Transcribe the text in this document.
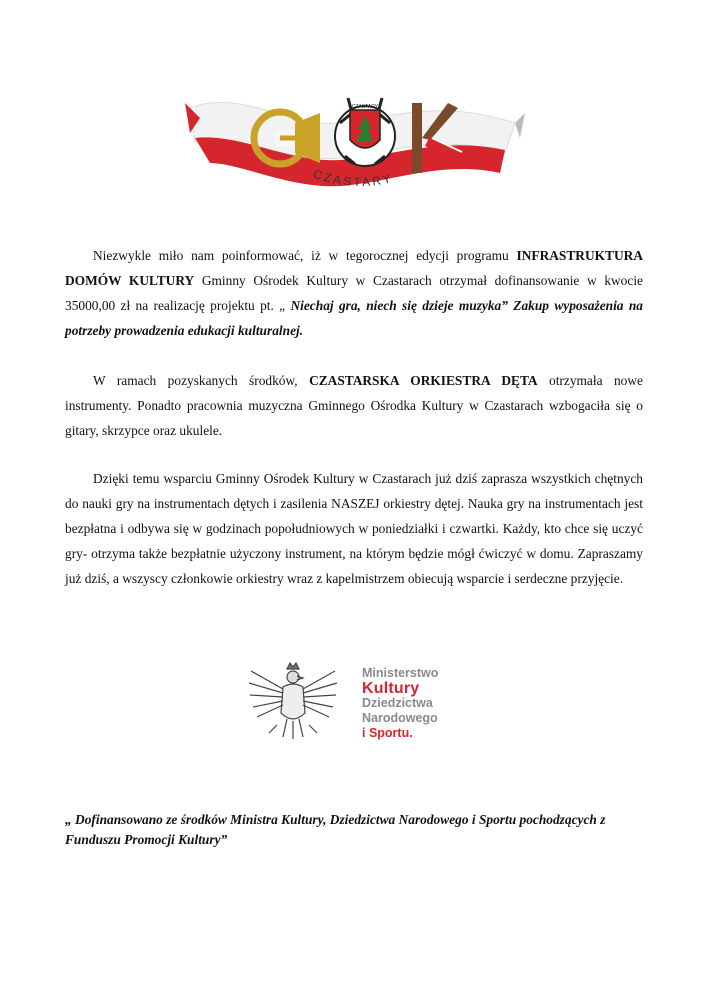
CZASTARY
CZASTARY
Niezwykle miło nam poinformować, iż w tegorocznej edycji programu INFRASTRUKTURA DOMÓW KULTURY Gminny Ośrodek Kultury w Czastarach otrzymał dofinansowanie w kwocie 35000,00 zł na realizację projektu pt. „ Niechaj gra, niech się dzieje muzyka” Zakup wyposażenia na potrzeby prowadzenia edukacji kulturalnej.
W ramach pozyskanych środków, CZASTARSKA ORKIESTRA DĘTA otrzymała nowe instrumenty. Ponadto pracownia muzyczna Gminnego Ośrodka Kultury w Czastarach wzbogaciła się o gitary, skrzypce oraz ukulele.
Dzięki temu wsparciu Gminny Ośrodek Kultury w Czastarach już dziś zaprasza wszystkich chętnych do nauki gry na instrumentach dętych i zasilenia NASZEJ orkiestry dętej. Nauka gry na instrumentach jest bezpłatna i odbywa się w godzinach popołudniowych w poniedziałki i czwartki. Każdy, kto chce się uczyć gry- otrzyma także bezpłatnie użyczony instrument, na którym będzie mógł ćwiczyć w domu. Zapraszamy już dziś, a wszyscy członkowie orkiestry wraz z kapelmistrzem obiecują wsparcie i serdeczne przyjęcie.
Ministerstwo
Kultury
Dziedzictwa
Narodowego
i Sportu.
„ Dofinansowano ze środków Ministra Kultury, Dziedzictwa Narodowego i Sportu pochodzących z Funduszu Promocji Kultury”
